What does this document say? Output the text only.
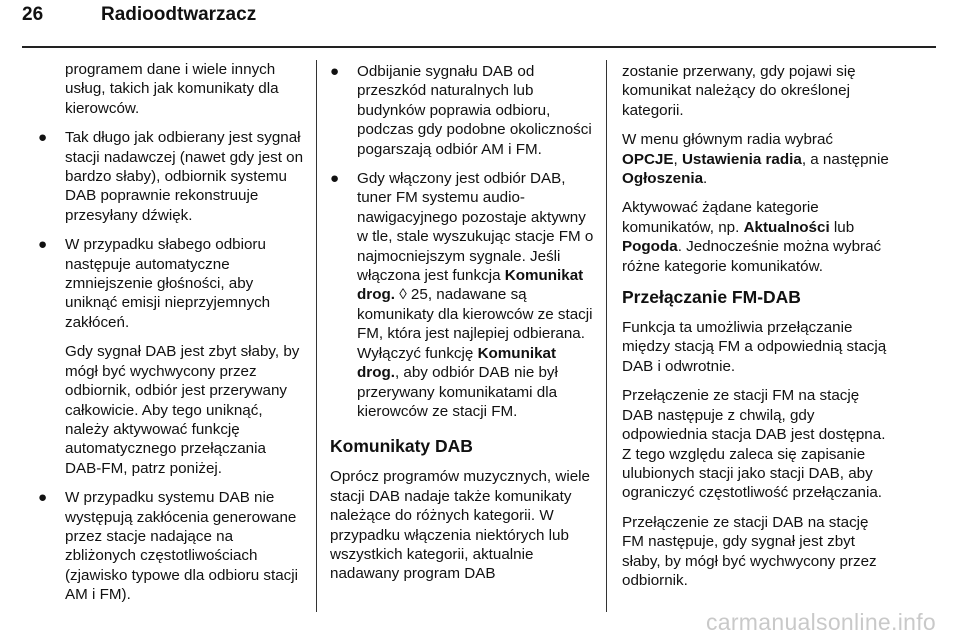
26	Radioodtwarzacz

programem dane i wiele innych usług, takich jak komunikaty dla kierowców.

● Tak długo jak odbierany jest sygnał stacji nadawczej (nawet gdy jest on bardzo słaby), odbiornik systemu DAB poprawnie rekonstruuje przesyłany dźwięk.
● W przypadku słabego odbioru następuje automatyczne zmniejszenie głośności, aby uniknąć emisji nieprzyjemnych zakłóceń.

Gdy sygnał DAB jest zbyt słaby, by mógł być wychwycony przez odbiornik, odbiór jest przerywany całkowicie. Aby tego uniknąć, należy aktywować funkcję automatycznego przełączania DAB-FM, patrz poniżej.

● W przypadku systemu DAB nie występują zakłócenia generowane przez stacje nadające na zbliżonych częstotliwościach (zjawisko typowe dla odbioru stacji AM i FM).
● Odbijanie sygnału DAB od przeszkód naturalnych lub budynków poprawia odbioru, podczas gdy podobne okoliczności pogarszają odbiór AM i FM.
● Gdy włączony jest odbiór DAB, tuner FM systemu audio-nawigacyjnego pozostaje aktywny w tle, stale wyszukując stacje FM o najmocniejszym sygnale. Jeśli włączona jest funkcja Komunikat drog. ◊ 25, nadawane są komunikaty dla kierowców ze stacji FM, która jest najlepiej odbierana. Wyłączyć funkcję Komunikat drog., aby odbiór DAB nie był przerywany komunikatami dla kierowców ze stacji FM.
Komunikaty DAB

Oprócz programów muzycznych, wiele stacji DAB nadaje także komunikaty należące do różnych kategorii. W przypadku włączenia niektórych lub wszystkich kategorii, aktualnie nadawany program DAB

zostanie przerwany, gdy pojawi się komunikat należący do określonej kategorii.

W menu głównym radia wybrać OPCJE, Ustawienia radia, a następnie Ogłoszenia.

Aktywować żądane kategorie komunikatów, np. Aktualności lub Pogoda. Jednocześnie można wybrać różne kategorie komunikatów.

Przełączanie FM-DAB

Funkcja ta umożliwia przełączanie między stacją FM a odpowiednią stacją DAB i odwrotnie.

Przełączenie ze stacji FM na stację DAB następuje z chwilą, gdy odpowiednia stacja DAB jest dostępna. Z tego względu zaleca się zapisanie ulubionych stacji jako stacji DAB, aby ograniczyć częstotliwość przełączania.

Przełączenie ze stacji DAB na stację FM następuje, gdy sygnał jest zbyt słaby, by mógł być wychwycony przez odbiornik.

carmanualsonline.info
